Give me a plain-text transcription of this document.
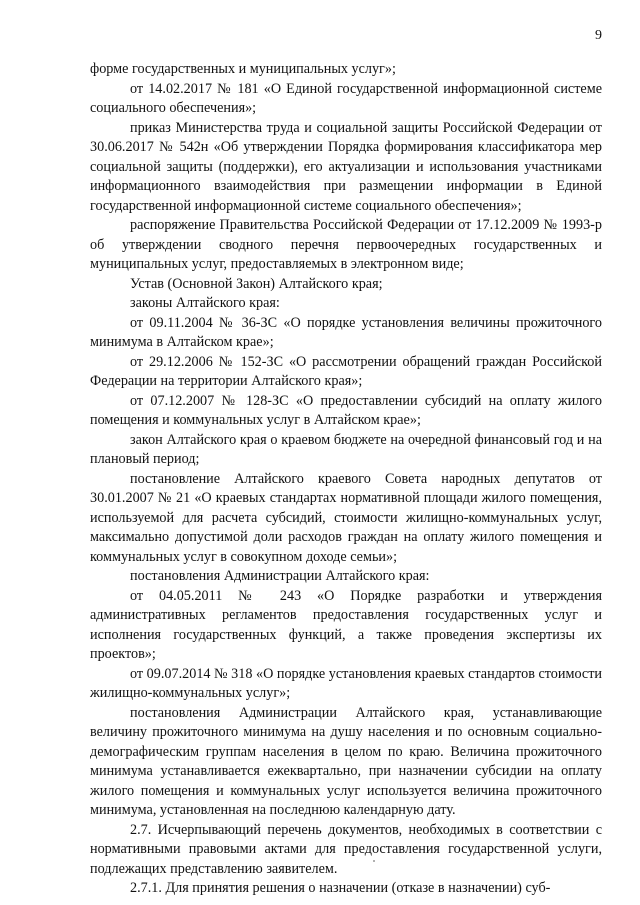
9

форме государственных и муниципальных услуг»;

от 14.02.2017 № 181 «О Единой государственной информационной системе социального обеспечения»;

приказ Министерства труда и социальной защиты Российской Федерации от 30.06.2017 № 542н «Об утверждении Порядка формирования классификатора мер социальной защиты (поддержки), его актуализации и использования участниками информационного взаимодействия при размещении информации в Единой государственной информационной системе социального обеспечения»;

распоряжение Правительства Российской Федерации от 17.12.2009 № 1993-р об утверждении сводного перечня первоочередных государственных и муниципальных услуг, предоставляемых в электронном виде;

Устав (Основной Закон) Алтайского края;

законы Алтайского края:

от 09.11.2004 № 36-ЗС «О порядке установления величины прожиточного минимума в Алтайском крае»;

от 29.12.2006 № 152-ЗС «О рассмотрении обращений граждан Российской Федерации на территории Алтайского края»;

от 07.12.2007 № 128-ЗС «О предоставлении субсидий на оплату жилого помещения и коммунальных услуг в Алтайском крае»;

закон Алтайского края о краевом бюджете на очередной финансовый год и на плановый период;

постановление Алтайского краевого Совета народных депутатов от 30.01.2007 № 21 «О краевых стандартах нормативной площади жилого помещения, используемой для расчета субсидий, стоимости жилищно-коммунальных услуг, максимально допустимой доли расходов граждан на оплату жилого помещения и коммунальных услуг в совокупном доходе семьи»;

постановления Администрации Алтайского края:

от 04.05.2011 № 243 «О Порядке разработки и утверждения административных регламентов предоставления государственных услуг и исполнения государственных функций, а также проведения экспертизы их проектов»;

от 09.07.2014 № 318 «О порядке установления краевых стандартов стоимости жилищно-коммунальных услуг»;

постановления Администрации Алтайского края, устанавливающие величину прожиточного минимума на душу населения и по основным социально-демографическим группам населения в целом по краю. Величина прожиточного минимума устанавливается ежеквартально, при назначении субсидии на оплату жилого помещения и коммунальных услуг используется величина прожиточного минимума, установленная на последнюю календарную дату.

2.7. Исчерпывающий перечень документов, необходимых в соответствии с нормативными правовыми актами для предоставления государственной услуги, подлежащих представлению заявителем.

2.7.1. Для принятия решения о назначении (отказе в назначении) суб-
